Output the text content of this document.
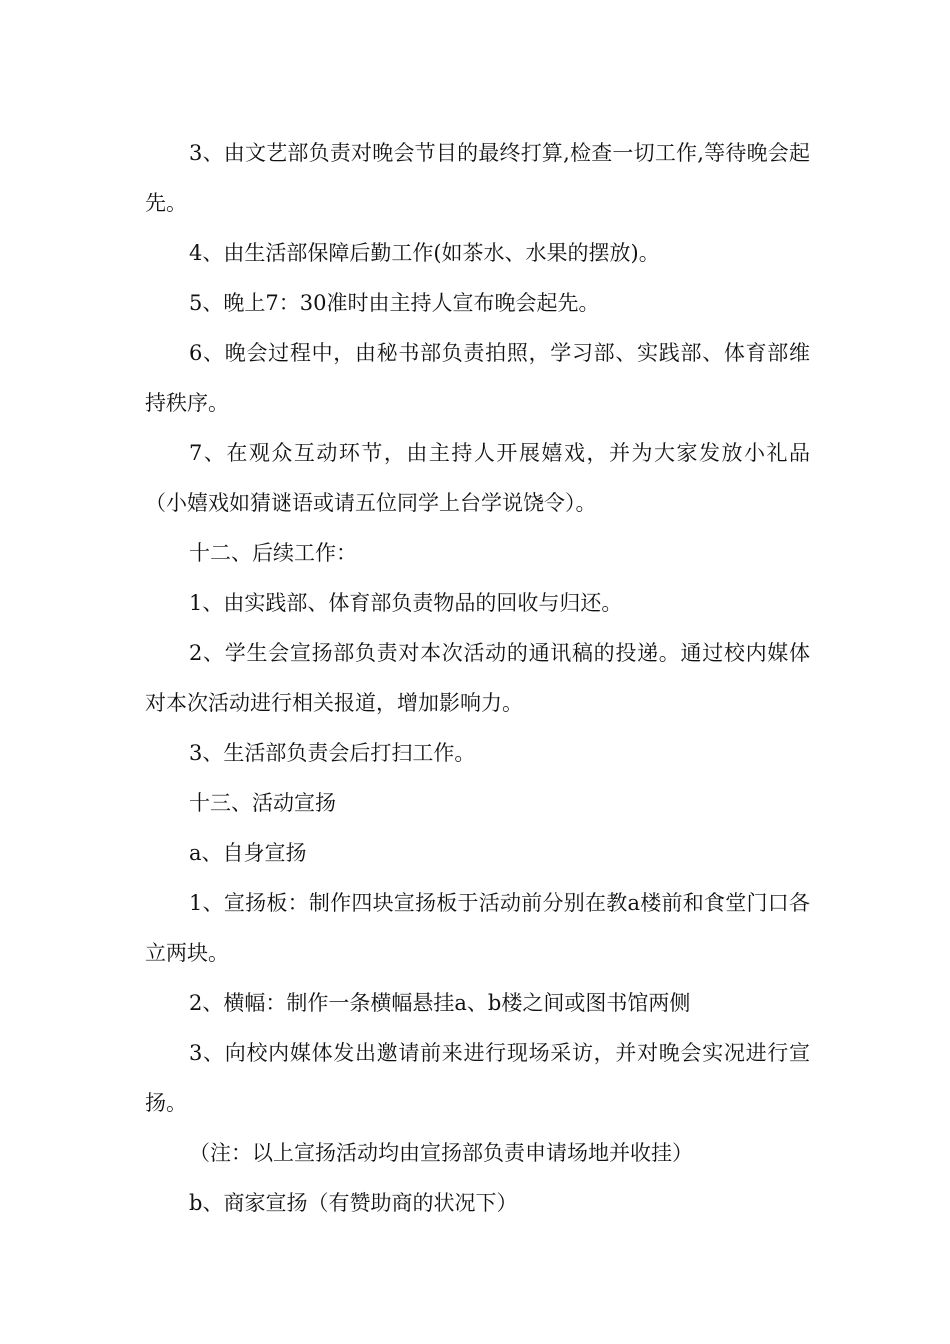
3、由文艺部负责对晚会节目的最终打算,检查一切工作,等待晚会起先。

4、由生活部保障后勤工作(如茶水、水果的摆放)。

5、晚上7：30准时由主持人宣布晚会起先。

6、晚会过程中，由秘书部负责拍照，学习部、实践部、体育部维持秩序。

7、在观众互动环节，由主持人开展嬉戏，并为大家发放小礼品（小嬉戏如猜谜语或请五位同学上台学说饶令）。

十二、后续工作：

1、由实践部、体育部负责物品的回收与归还。

2、学生会宣扬部负责对本次活动的通讯稿的投递。通过校内媒体对本次活动进行相关报道，增加影响力。

3、生活部负责会后打扫工作。

十三、活动宣扬

a、自身宣扬

1、宣扬板：制作四块宣扬板于活动前分别在教a楼前和食堂门口各立两块。

2、横幅：制作一条横幅悬挂a、b楼之间或图书馆两侧

3、向校内媒体发出邀请前来进行现场采访，并对晚会实况进行宣扬。

（注：以上宣扬活动均由宣扬部负责申请场地并收挂）

b、商家宣扬（有赞助商的状况下）
